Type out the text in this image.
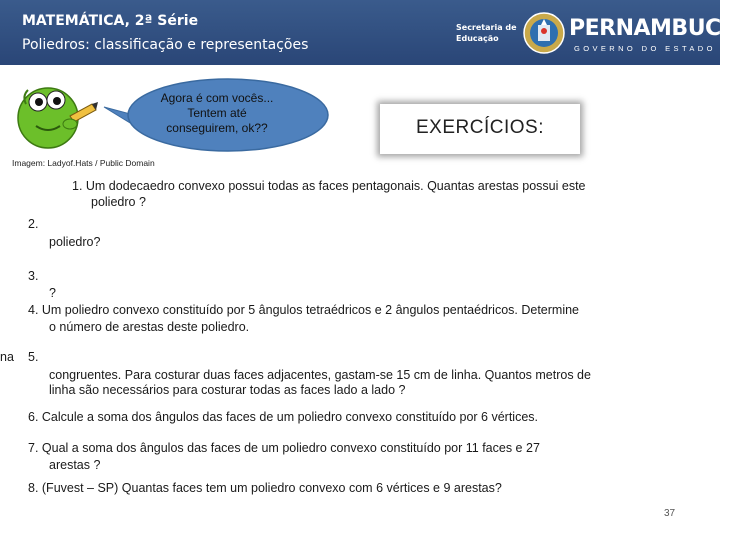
MATEMÁTICA, 2ª Série
Poliedros: classificação e representações
Secretaria de
Educação	PERNAMBUCO
GOVERNO DO ESTADO
Agora é com vocês...
Tentem até
conseguirem, ok??	EXERCÍCIOS:
Imagem: Ladyof.Hats / Public Domain
1. Um dodecaedro convexo possui todas as faces pentagonais. Quantas arestas possui este
poliedro ?
2.
poliedro?
3.
?
4. Um poliedro convexo constituído por 5 ângulos tetraédricos e 2 ângulos pentaédricos. Determine
o número de arestas deste poliedro.
na 5.
congruentes. Para costurar duas faces adjacentes, gastam-se 15 cm de linha. Quantos metros de
linha são necessários para costurar todas as faces lado a lado ?
6. Calcule a soma dos ângulos das faces de um poliedro convexo constituído por 6 vértices.
7. Qual a soma dos ângulos das faces de um poliedro convexo constituído por 11 faces e 27
arestas ?
8. (Fuvest – SP) Quantas faces tem um poliedro convexo com 6 vértices e 9 arestas?
37
